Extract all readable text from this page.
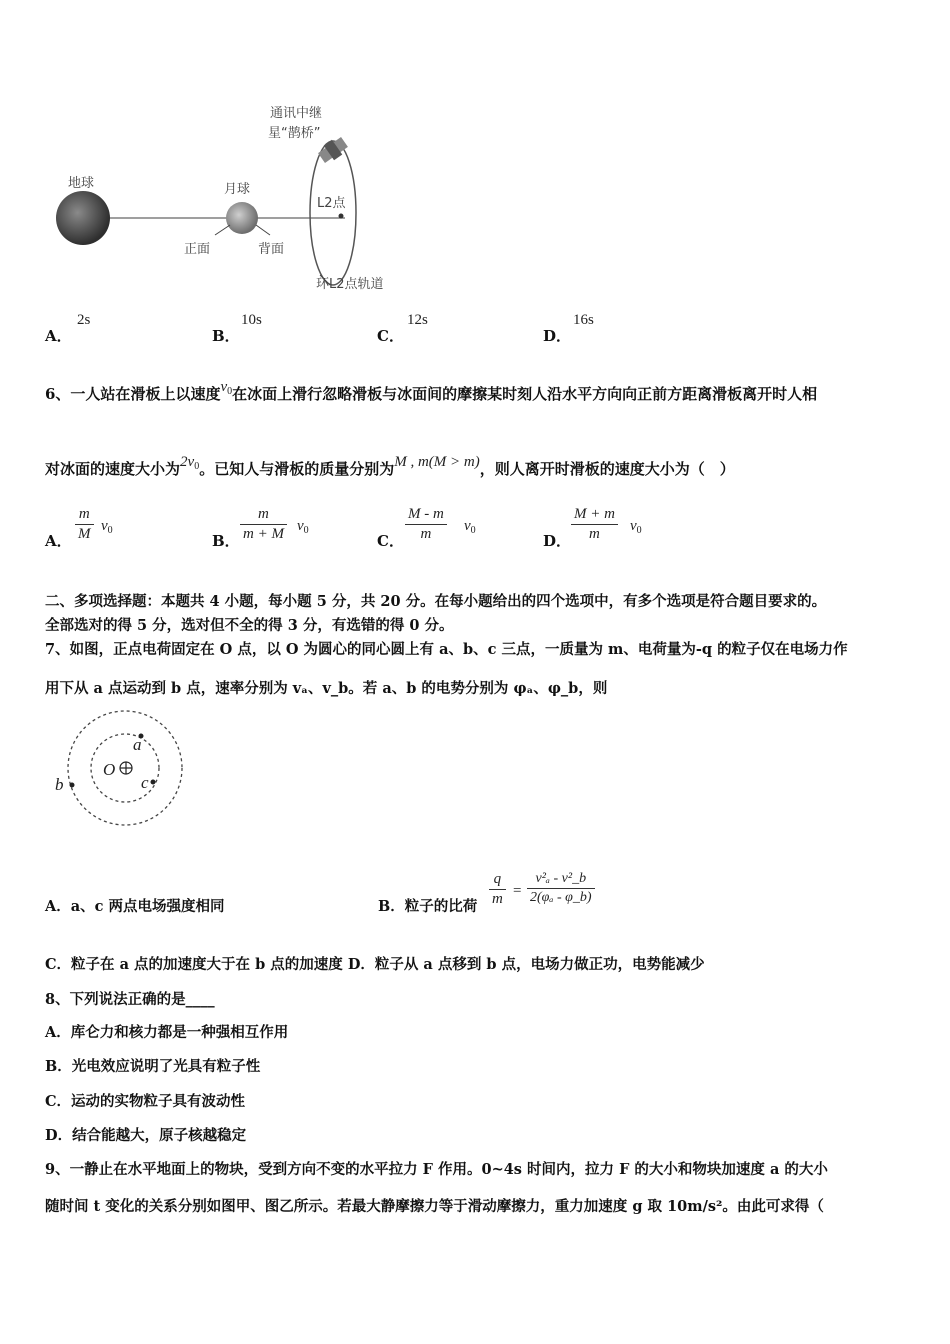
通讯中继
星“鹊桥”
地球	月球
L2点
正面	背面
环L2点轨道
A．
2s
B．
10s
C．
12s
D．
16s
6、一人站在滑板上以速度$v_0$在冰面上滑行忽略滑板与冰面间的摩擦某时刻人沿水平方向向正前方距离滑板离开时人相
对冰面的速度大小为$2v_0$。已知人与滑板的质量分别为M , m(M > m)，则人离开时滑板的速度大小为（　）
A．
m
M $v_0$
B．
m
m + M $v_0$
C．
M - m
m	$v_0$
D．
M + m
m	$v_0$
二、多项选择题：本题共 4 小题，每小题 5 分，共 20 分。在每小题给出的四个选项中，有多个选项是符合题目要求的。
全部选对的得 5 分，选对但不全的得 3 分，有选错的得 0 分。
7、如图，正点电荷固定在 O 点，以 O 为圆心的同心圆上有 a、b、c 三点，一质量为 m、电荷量为-q 的粒子仅在电场力作
用下从 a 点运动到 b 点，速率分别为 vₐ、v_b。若 a、b 的电势分别为 φₐ、φ_b，则
O
a
b	c
A．a、c 两点电场强度相同	B．粒子的比荷
q
m =
v²ₐ - v²_b
2(φₐ - φ_b)
C．粒子在 a 点的加速度大于在 b 点的加速度 D．粒子从 a 点移到 b 点，电场力做正功，电势能减少
8、下列说法正确的是____
A．库仑力和核力都是一种强相互作用
B．光电效应说明了光具有粒子性
C．运动的实物粒子具有波动性
D．结合能越大，原子核越稳定
9、一静止在水平地面上的物块，受到方向不变的水平拉力 F 作用。0~4s 时间内，拉力 F 的大小和物块加速度 a 的大小
随时间 t 变化的关系分别如图甲、图乙所示。若最大静摩擦力等于滑动摩擦力，重力加速度 g 取 10m/s²。由此可求得（
